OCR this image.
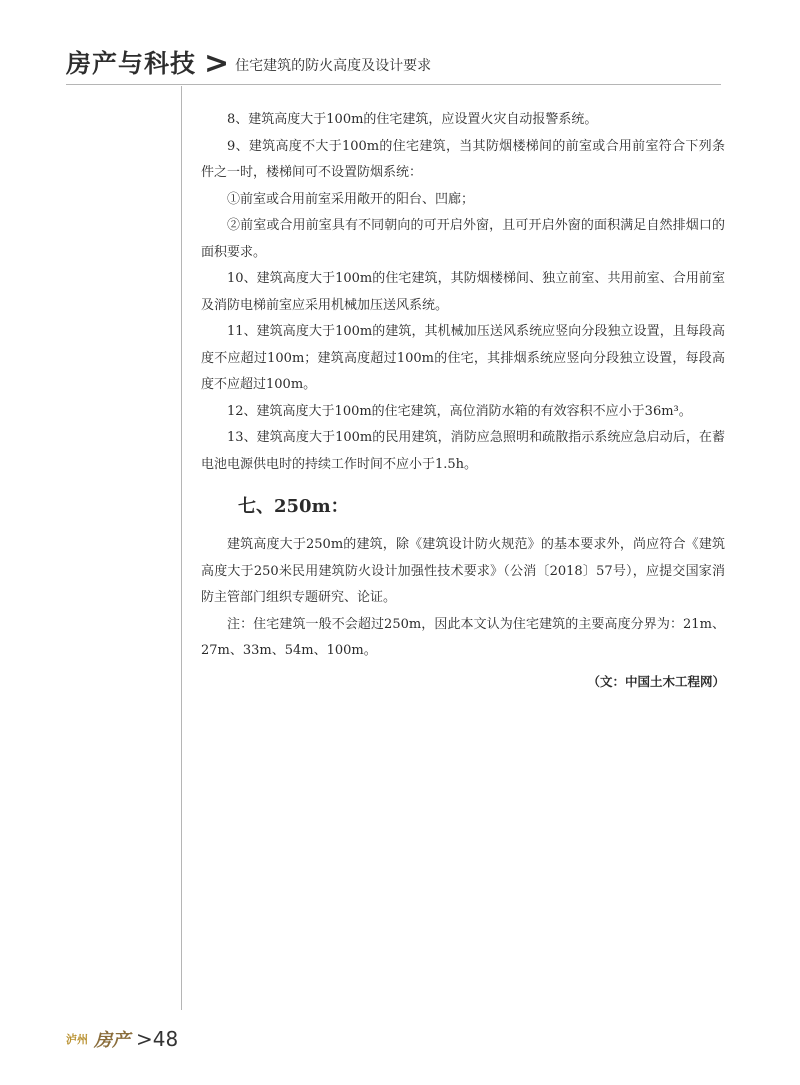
房产与科技 > 住宅建筑的防火高度及设计要求

8、建筑高度大于100m的住宅建筑，应设置火灾自动报警系统。

9、建筑高度不大于100m的住宅建筑，当其防烟楼梯间的前室或合用前室符合下列条件之一时，楼梯间可不设置防烟系统：

①前室或合用前室采用敞开的阳台、凹廊；

②前室或合用前室具有不同朝向的可开启外窗，且可开启外窗的面积满足自然排烟口的面积要求。

10、建筑高度大于100m的住宅建筑，其防烟楼梯间、独立前室、共用前室、合用前室及消防电梯前室应采用机械加压送风系统。

11、建筑高度大于100m的建筑，其机械加压送风系统应竖向分段独立设置，且每段高度不应超过100m；建筑高度超过100m的住宅，其排烟系统应竖向分段独立设置，每段高度不应超过100m。

12、建筑高度大于100m的住宅建筑，高位消防水箱的有效容积不应小于36m³。

13、建筑高度大于100m的民用建筑，消防应急照明和疏散指示系统应急启动后，在蓄电池电源供电时的持续工作时间不应小于1.5h。

七、250m：

建筑高度大于250m的建筑，除《建筑设计防火规范》的基本要求外，尚应符合《建筑高度大于250米民用建筑防火设计加强性技术要求》（公消〔2018〕57号），应提交国家消防主管部门组织专题研究、论证。

注：住宅建筑一般不会超过250m，因此本文认为住宅建筑的主要高度分界为：21m、27m、33m、54m、100m。

（文：中国土木工程网）
泸州 房产 >48
